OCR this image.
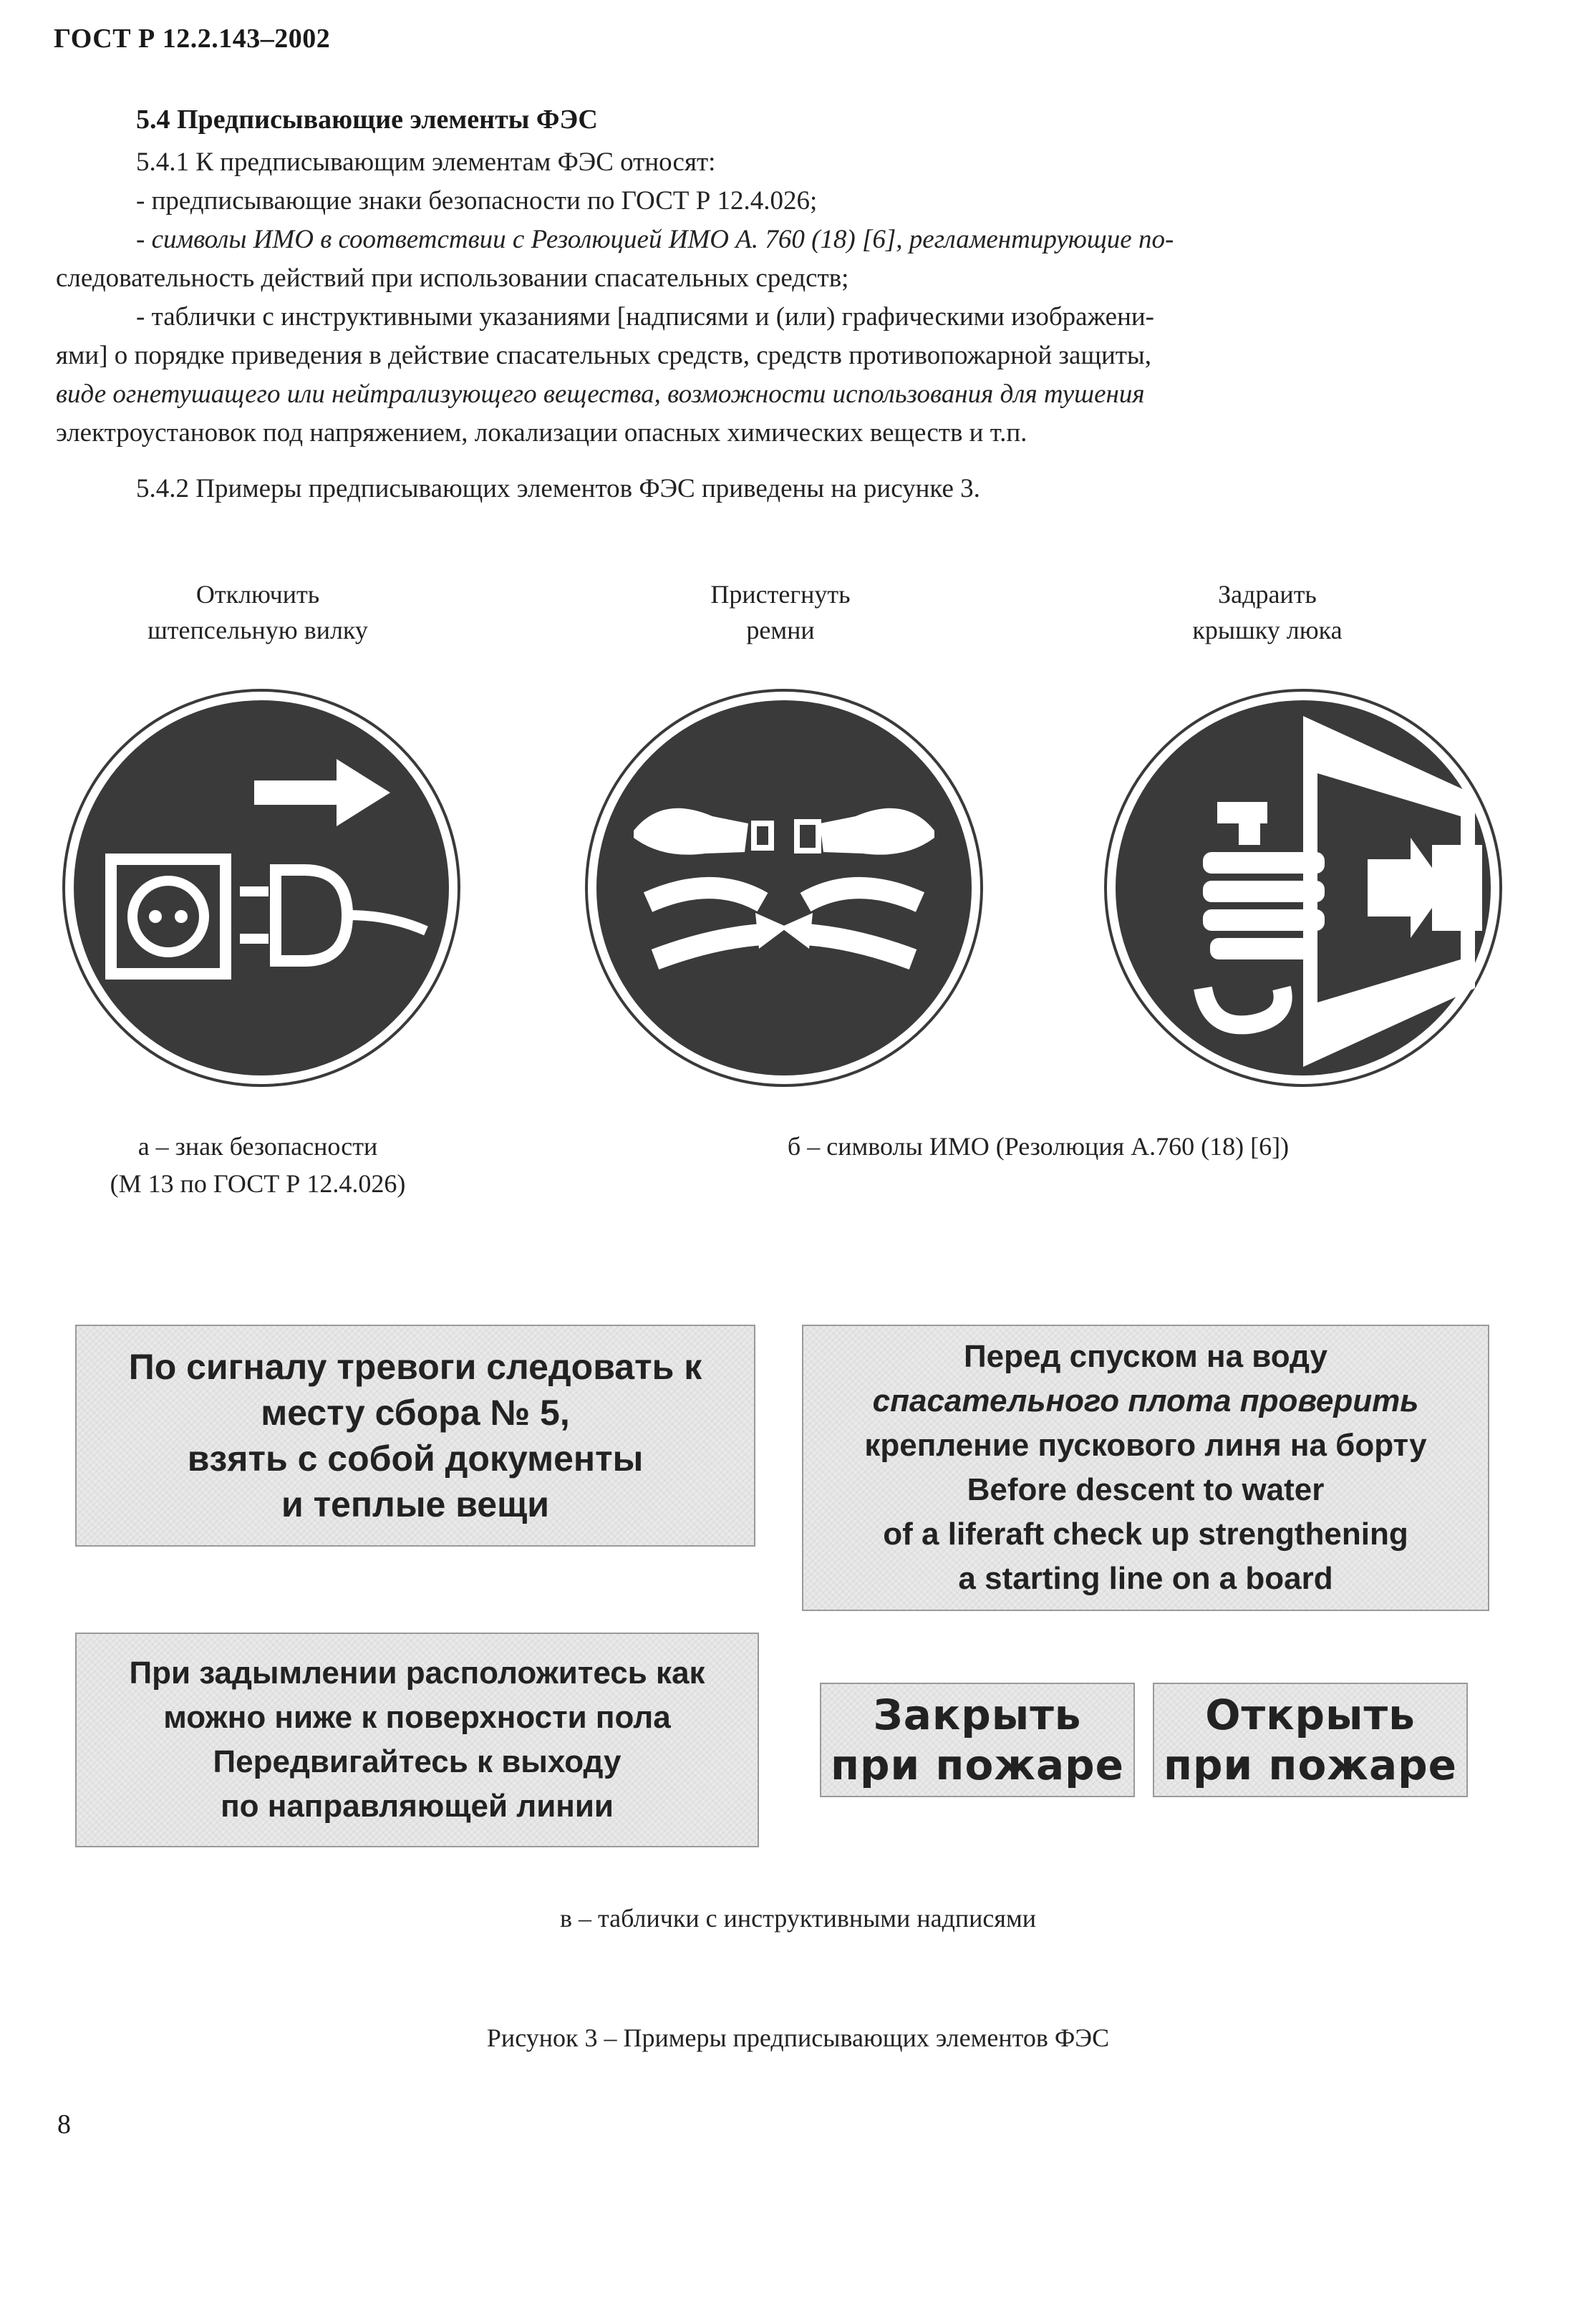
ГОСТ Р 12.2.143–2002
5.4 Предписывающие элементы ФЭС
5.4.1 К предписывающим элементам ФЭС относят:
- предписывающие знаки безопасности по ГОСТ Р 12.4.026;
- символы ИМО в соответствии с Резолюцией ИМО А. 760 (18) [6], регламентирующие по-
следовательность действий при использовании спасательных средств;
- таблички с инструктивными указаниями [надписями и (или) графическими изображени-
ями] о порядке приведения в действие спасательных средств, средств противопожарной защиты,
виде огнетушащего или нейтрализующего вещества, возможности использования для тушения
электроустановок под напряжением, локализации опасных химических веществ и т.п.
5.4.2 Примеры предписывающих элементов ФЭС приведены на рисунке 3.
Отключить
штепсельную вилку
Пристегнуть
ремни
Задраить
крышку люка
а – знак безопасности
(М 13 по ГОСТ Р 12.4.026)
б – символы ИМО (Резолюция А.760 (18) [6])
По сигналу тревоги следовать к
месту сбора № 5,
взять с собой документы
и теплые вещи
Перед спуском на воду
спасательного плота проверить
крепление пускового линя на борту
Before descent to water
of a liferaft check up strengthening
a starting line on a board
При задымлении расположитесь как
можно ниже к поверхности пола
Передвигайтесь к выходу
по направляющей линии
Закрыть
при пожаре
Открыть
при пожаре
в – таблички с инструктивными надписями
Рисунок 3 – Примеры предписывающих элементов ФЭС
8
